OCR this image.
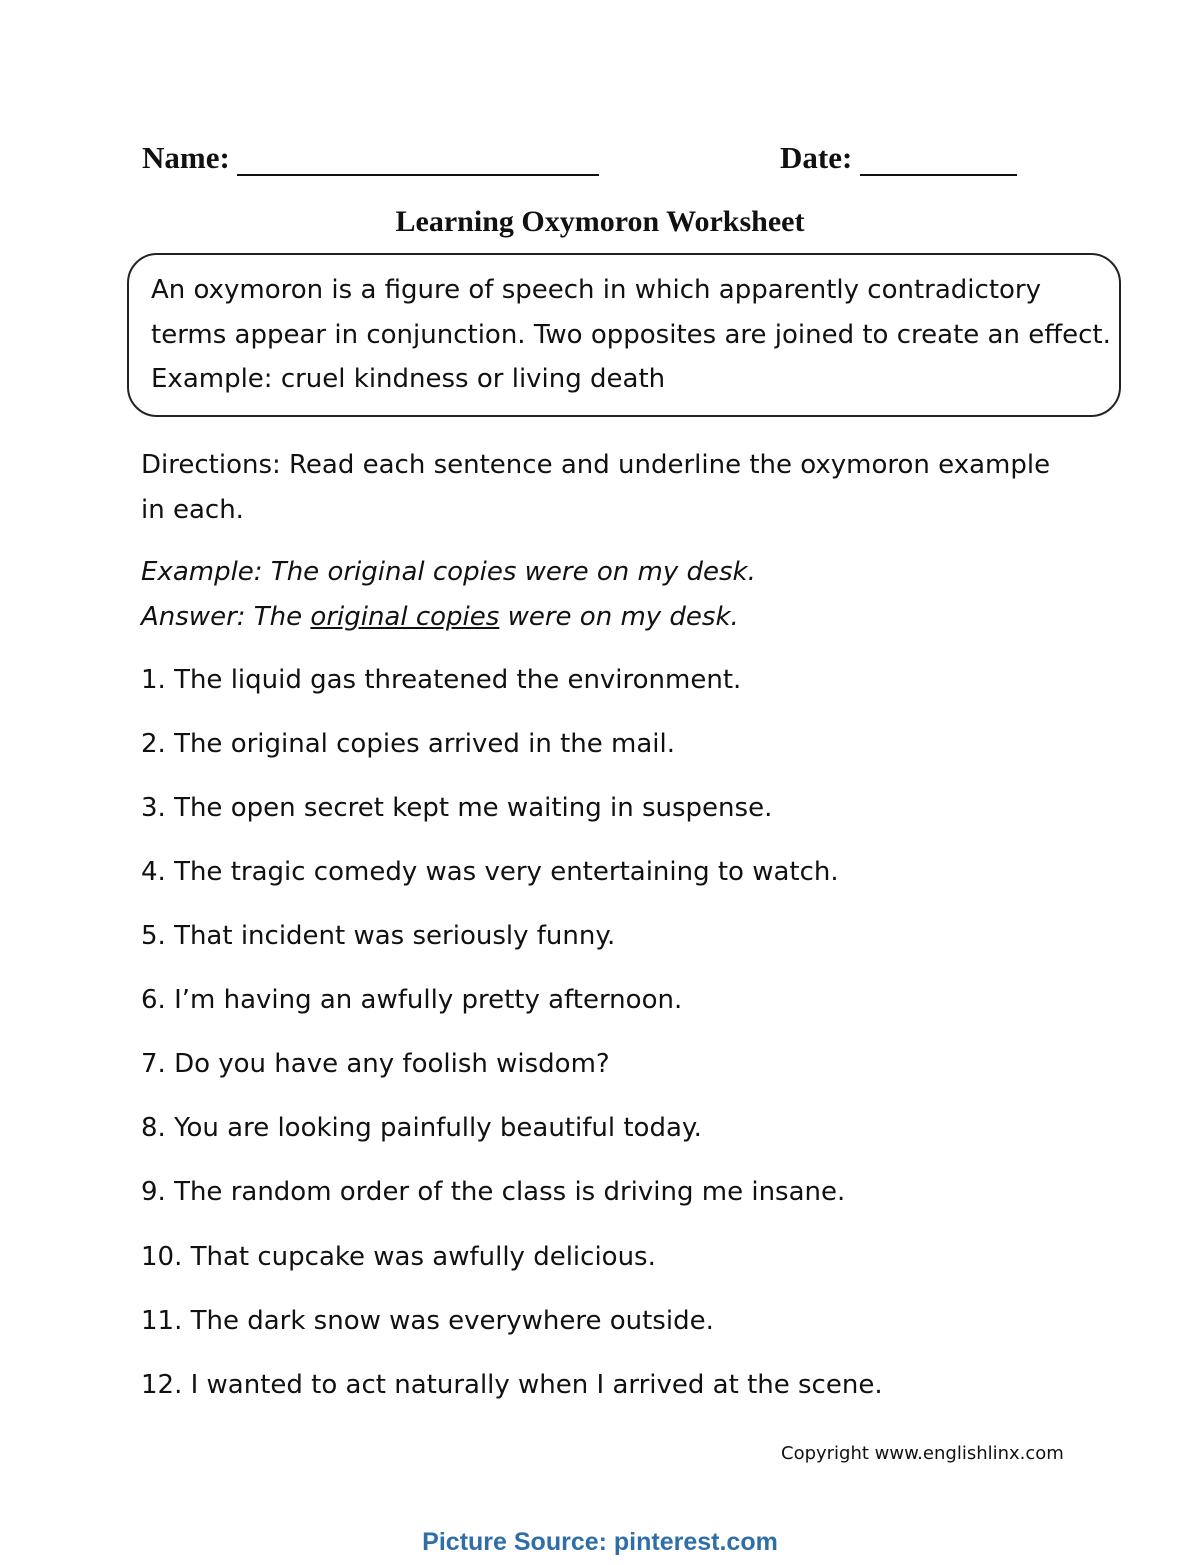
Name:	Date:
Learning Oxymoron Worksheet
An oxymoron is a figure of speech in which apparently contradictory
terms appear in conjunction. Two opposites are joined to create an effect.
Example: cruel kindness or living death
Directions: Read each sentence and underline the oxymoron example in each.
Example: The original copies were on my desk.
Answer: The original copies were on my desk.
1. The liquid gas threatened the environment.
2. The original copies arrived in the mail.
3. The open secret kept me waiting in suspense.
4. The tragic comedy was very entertaining to watch.
5. That incident was seriously funny.
6. I’m having an awfully pretty afternoon.
7. Do you have any foolish wisdom?
8. You are looking painfully beautiful today.
9. The random order of the class is driving me insane.
10. That cupcake was awfully delicious.
11. The dark snow was everywhere outside.
12. I wanted to act naturally when I arrived at the scene.
Copyright www.englishlinx.com
Picture Source: pinterest.com
